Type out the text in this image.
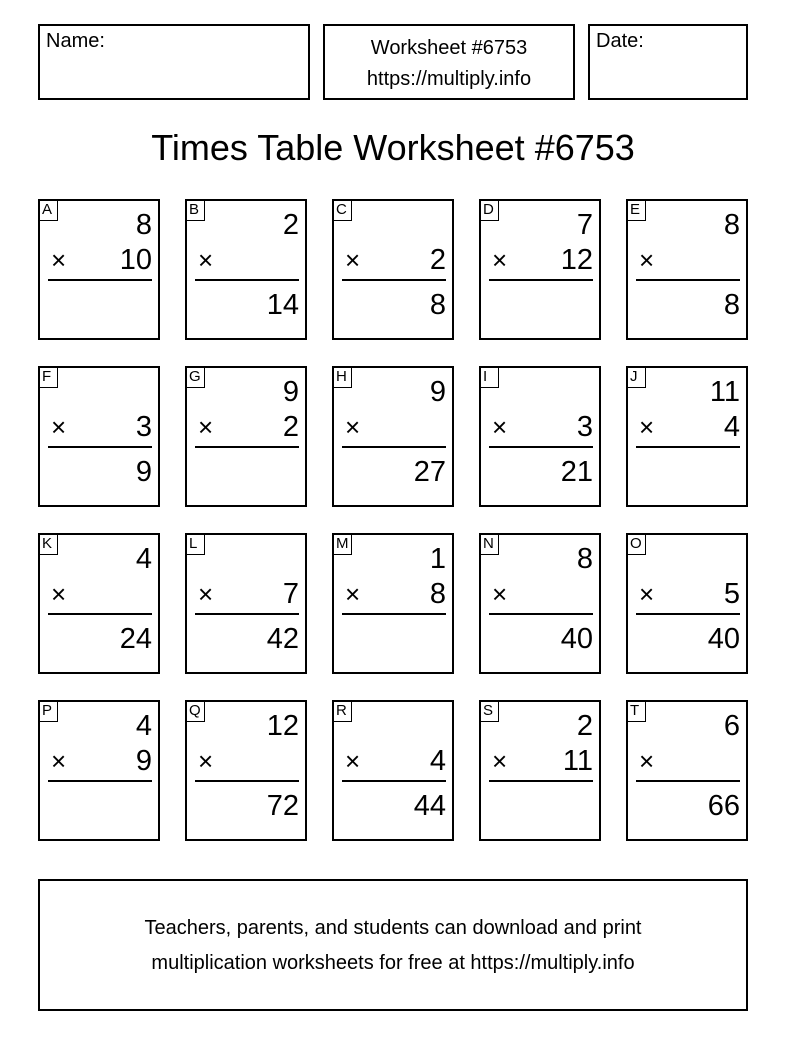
Name:	Worksheet #6753
https://multiply.info
Date:
Times Table Worksheet #6753
A	8
× 10
B	2
×
14
C
× 2
8
D	7
× 12
E	8
×
8
F
× 3
9
G	9
× 2
H	9
×
27
I
× 3
21
J 11
× 4
K	4
×
24
L
× 7
42
M	1
× 8
N	8
×
40
O
× 5
40
P	4
× 9
Q 12
×
72
R
× 4
44
S	2
× 11
T	6
×
66
Teachers, parents, and students can download and print
multiplication worksheets for free at https://multiply.info
